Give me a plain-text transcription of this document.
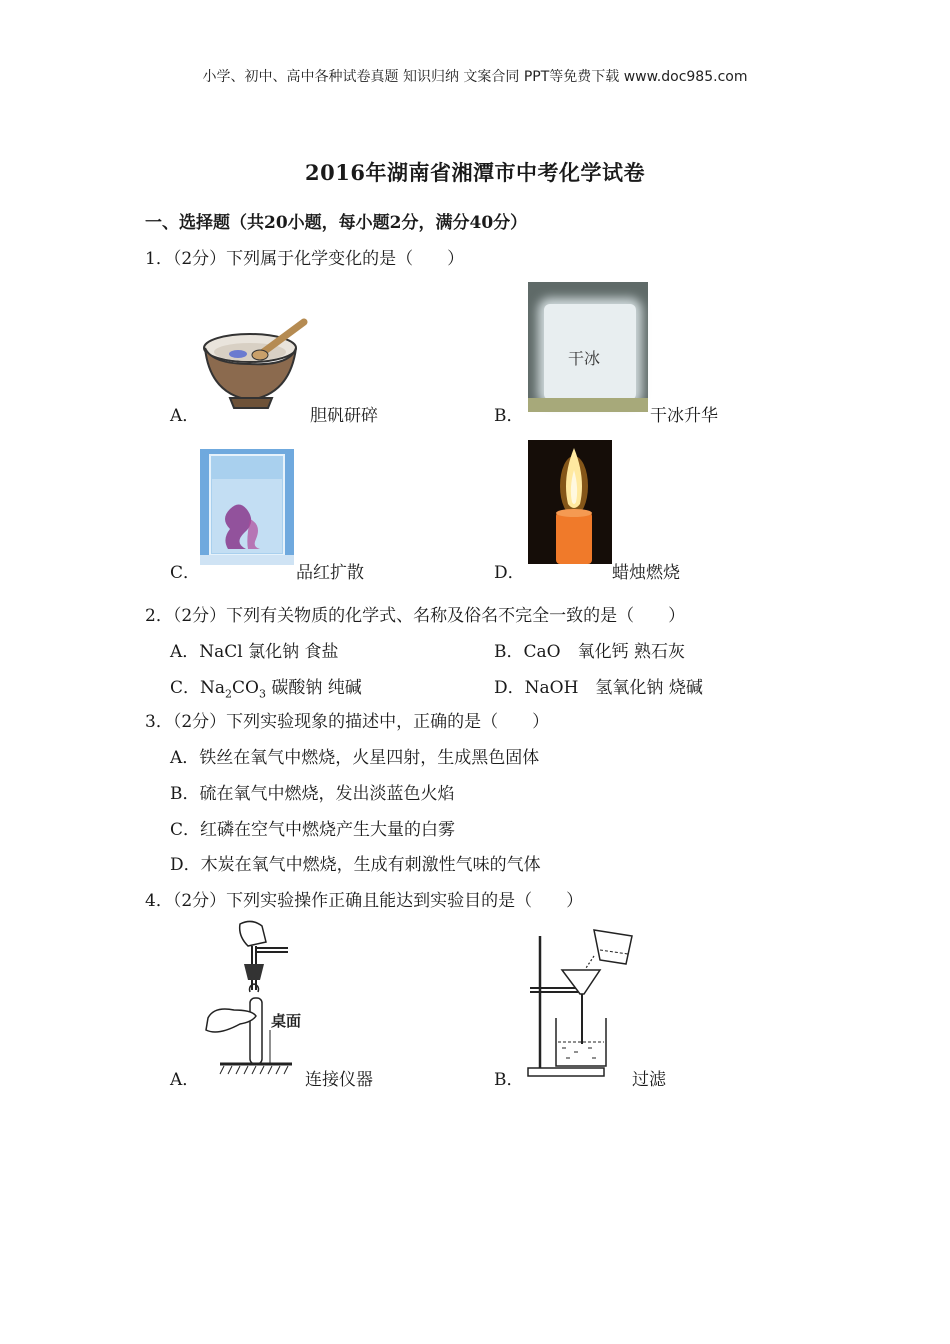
小学、初中、高中各种试卷真题 知识归纳 文案合同 PPT等免费下载 www.doc985.com
2016年湖南省湘潭市中考化学试卷
一、选择题（共20小题，每小题2分，满分40分）
1．（2分）下列属于化学变化的是（　　）
A．	胆矾研碎
干冰
B．	干冰升华
C．	品红扩散	D．	蜡烛燃烧
2．（2分）下列有关物质的化学式、名称及俗名不完全一致的是（　　）
A．NaCl 氯化钠 食盐	B．CaO　氧化钙 熟石灰
C．$Na_2CO_3$ 碳酸钠 纯碱	D．NaOH　氢氧化钠 烧碱
3．（2分）下列实验现象的描述中，正确的是（　　）
A．铁丝在氧气中燃烧，火星四射，生成黑色固体
B．硫在氧气中燃烧，发出淡蓝色火焰
C．红磷在空气中燃烧产生大量的白雾
D．木炭在氧气中燃烧，生成有刺激性气味的气体
4．（2分）下列实验操作正确且能达到实验目的是（　　）
桌面
A．	连接仪器	B．	过滤
